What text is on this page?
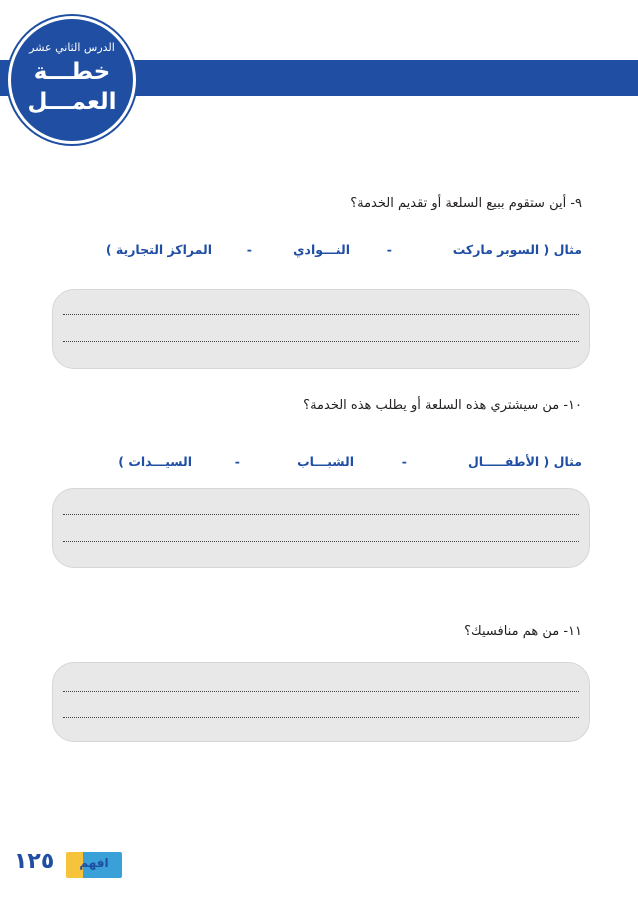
الدرس الثاني عشر
خطـــة
العمـــل
٩- أين ستقوم ببيع السلعة أو تقديم الخدمة؟
مثال ( السوبر ماركت
-
النـــوادي
-
المراكز التجارية )
١٠- من سيشتري هذه السلعة أو يطلب هذه الخدمة؟
مثال ( الأطفـــــال
-
الشبـــاب
-
السيـــدات )
١١- من هم منافسيك؟
١٢٥	افهم
